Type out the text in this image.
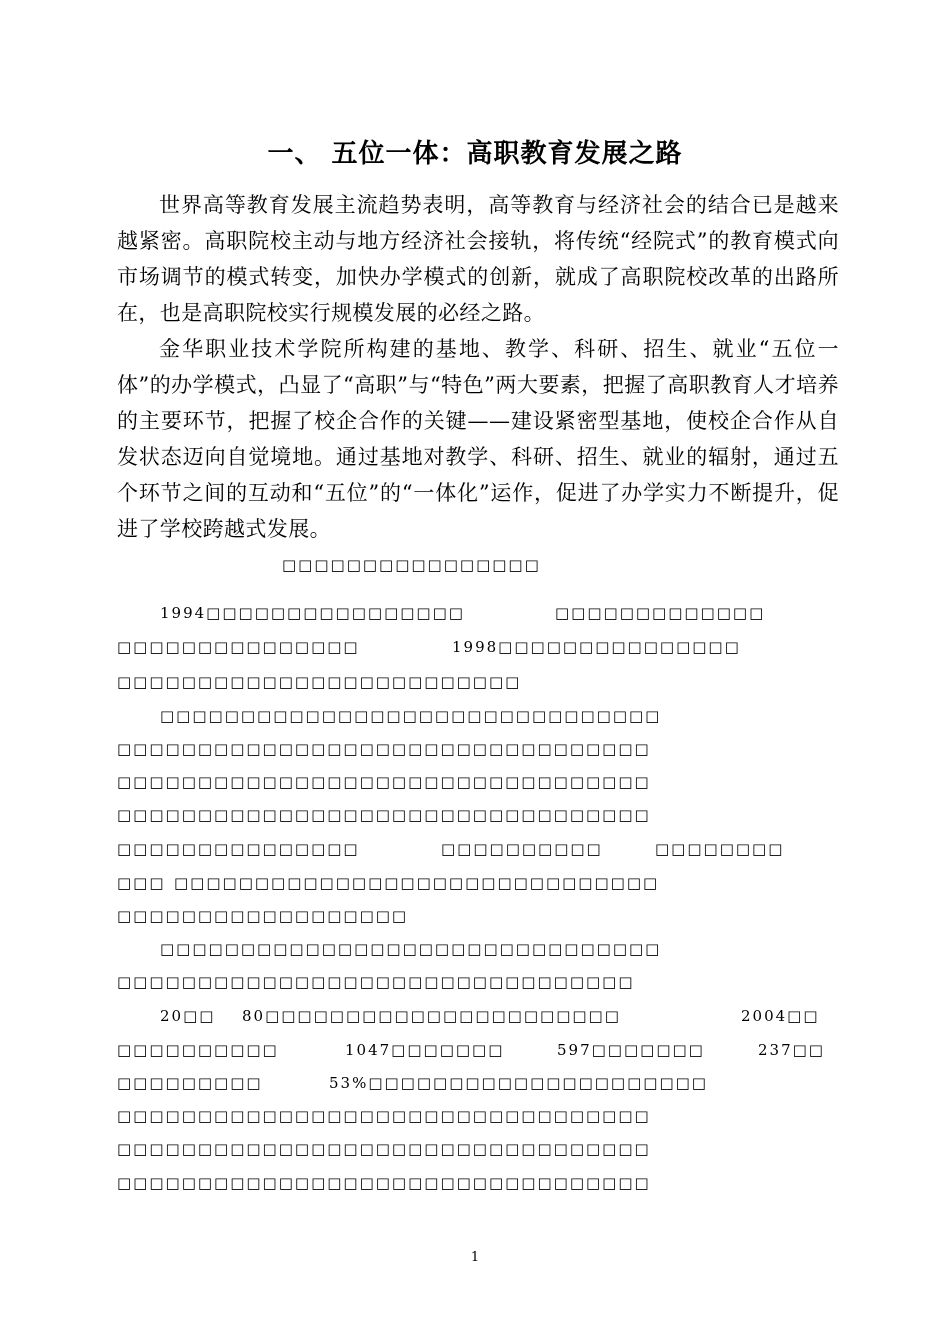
一、 五位一体：高职教育发展之路
世界高等教育发展主流趋势表明，高等教育与经济社会的结合已是越来越紧密。高职院校主动与地方经济社会接轨，将传统“经院式”的教育模式向市场调节的模式转变，加快办学模式的创新，就成了高职院校改革的出路所在，也是高职院校实行规模发展的必经之路。
金华职业技术学院所构建的基地、教学、科研、招生、就业“五位一体”的办学模式，凸显了“高职”与“特色”两大要素，把握了高职教育人才培养的主要环节，把握了校企合作的关键——建设紧密型基地，使校企合作从自发状态迈向自觉境地。通过基地对教学、科研、招生、就业的辐射，通过五个环节之间的互动和“五位”的“一体化”运作，促进了办学实力不断提升，促进了学校跨越式发展。
□□□□□□□□□□□□□□□□
1994□□□□□□□□□□□□□□□□	□□□□□□□□□□□□□
□□□□□□□□□□□□□□□	1998□□□□□□□□□□□□□□□
□□□□□□□□□□□□□□□□□□□□□□□□□
□□□□□□□□□□□□□□□□□□□□□□□□□□□□□□□
□□□□□□□□□□□□□□□□□□□□□□□□□□□□□□□□□
□□□□□□□□□□□□□□□□□□□□□□□□□□□□□□□□□
□□□□□□□□□□□□□□□□□□□□□□□□□□□□□□□□□
□□□□□□□□□□□□□□□	□□□□□□□□□□	□□□□□□□□
□□□ □□□□□□□□□□□□□□□□□□□□□□□□□□□□□□
□□□□□□□□□□□□□□□□□□
□□□□□□□□□□□□□□□□□□□□□□□□□□□□□□□
□□□□□□□□□□□□□□□□□□□□□□□□□□□□□□□□
20□□ 80□□□□□□□□□□□□□□□□□□□□□□	2004□□
□□□□□□□□□□	1047□□□□□□□	597□□□□□□□	237□□
□□□□□□□□□	53%□□□□□□□□□□□□□□□□□□□□□
□□□□□□□□□□□□□□□□□□□□□□□□□□□□□□□□□
□□□□□□□□□□□□□□□□□□□□□□□□□□□□□□□□□
□□□□□□□□□□□□□□□□□□□□□□□□□□□□□□□□□
1
